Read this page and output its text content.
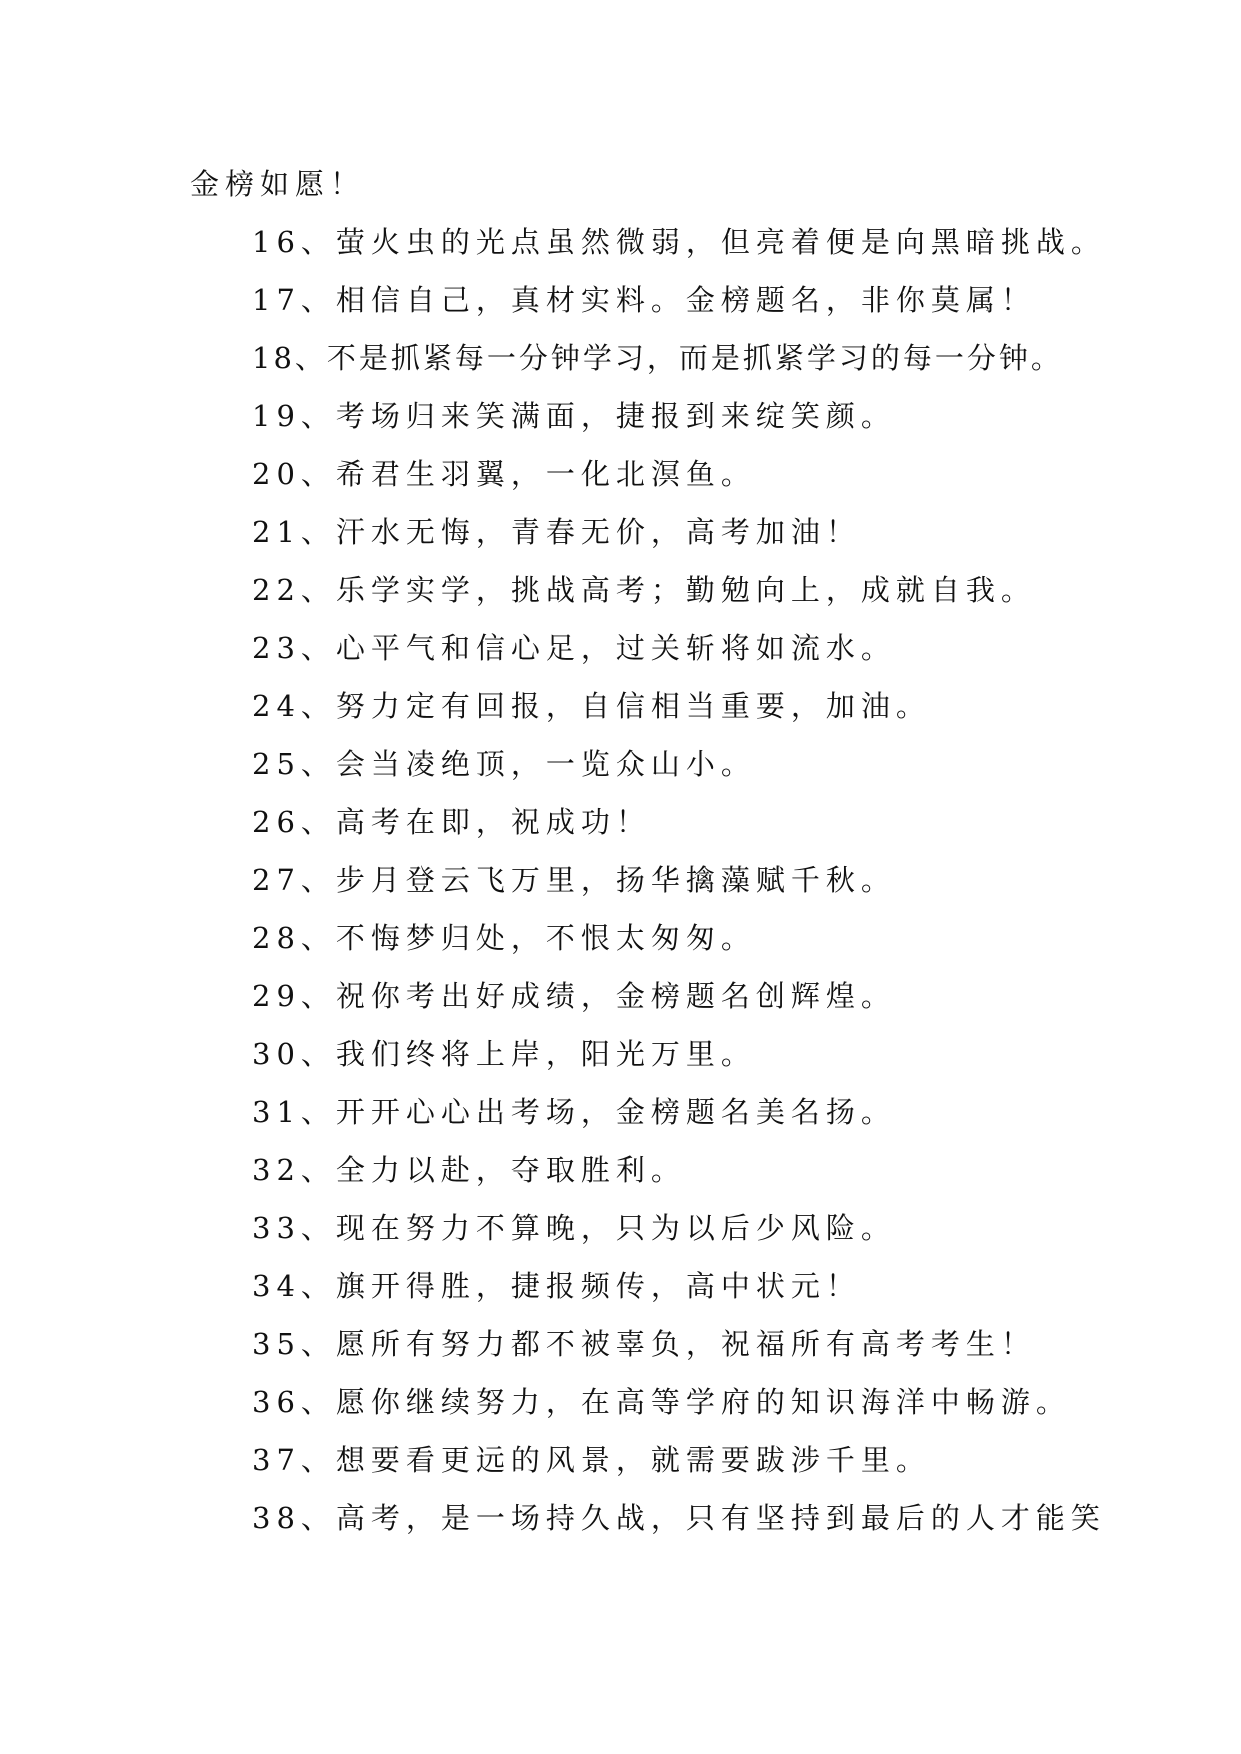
金榜如愿！
16、萤火虫的光点虽然微弱，但亮着便是向黑暗挑战。
17、相信自己，真材实料。金榜题名，非你莫属！
18、不是抓紧每一分钟学习，而是抓紧学习的每一分钟。
19、考场归来笑满面，捷报到来绽笑颜。
20、希君生羽翼，一化北溟鱼。
21、汗水无悔，青春无价，高考加油！
22、乐学实学，挑战高考；勤勉向上，成就自我。
23、心平气和信心足，过关斩将如流水。
24、努力定有回报，自信相当重要，加油。
25、会当凌绝顶，一览众山小。
26、高考在即，祝成功！
27、步月登云飞万里，扬华擒藻赋千秋。
28、不悔梦归处，不恨太匆匆。
29、祝你考出好成绩，金榜题名创辉煌。
30、我们终将上岸，阳光万里。
31、开开心心出考场，金榜题名美名扬。
32、全力以赴，夺取胜利。
33、现在努力不算晚，只为以后少风险。
34、旗开得胜，捷报频传，高中状元！
35、愿所有努力都不被辜负，祝福所有高考考生！
36、愿你继续努力，在高等学府的知识海洋中畅游。
37、想要看更远的风景，就需要跋涉千里。
38、高考，是一场持久战，只有坚持到最后的人才能笑
